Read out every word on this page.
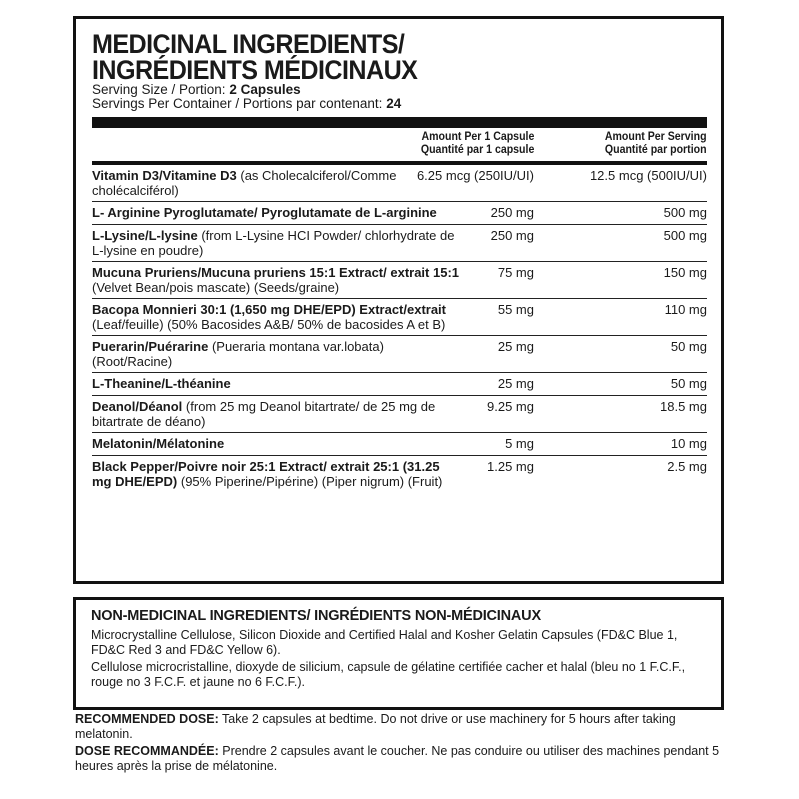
MEDICINAL INGREDIENTS/
INGRÉDIENTS MÉDICINAUX
Serving Size / Portion: 2 Capsules
Servings Per Container / Portions par contenant: 24
Amount Per 1 Capsule
Quantité par 1 capsule
Amount Per Serving
Quantité par portion
Vitamin D3/Vitamine D3 (as Cholecalciferol/Comme cholécalciférol)
6.25 mcg (250IU/UI)	12.5 mcg (500IU/UI)
L- Arginine Pyroglutamate/ Pyroglutamate de L-arginine	250 mg	500 mg
L-Lysine/L-lysine (from L-Lysine HCI Powder/ chlorhydrate de L-lysine en poudre)
250 mg	500 mg
Mucuna Pruriens/Mucuna pruriens 15:1 Extract/ extrait 15:1 (Velvet Bean/pois mascate) (Seeds/graine)
75 mg	150 mg
Bacopa Monnieri 30:1 (1,650 mg DHE/EPD) Extract/extrait (Leaf/feuille) (50% Bacosides A&B/ 50% de bacosides A et B)
55 mg	110 mg
Puerarin/Puérarine (Pueraria montana var.lobata) (Root/Racine)
25 mg	50 mg
L-Theanine/L-théanine	25 mg	50 mg
Deanol/Déanol (from 25 mg Deanol bitartrate/ de 25 mg de bitartrate de déano)
9.25 mg	18.5 mg
Melatonin/Mélatonine	5 mg	10 mg
Black Pepper/Poivre noir 25:1 Extract/ extrait 25:1 (31.25 mg DHE/EPD) (95% Piperine/Pipérine) (Piper nigrum) (Fruit)
1.25 mg	2.5 mg
NON-MEDICINAL INGREDIENTS/ INGRÉDIENTS NON-MÉDICINAUX
Microcrystalline Cellulose, Silicon Dioxide and Certified Halal and Kosher Gelatin Capsules (FD&C Blue 1, FD&C Red 3 and FD&C Yellow 6).
Cellulose microcristalline, dioxyde de silicium, capsule de gélatine certifiée cacher et halal (bleu no 1 F.C.F., rouge no 3 F.C.F. et jaune no 6 F.C.F.).

RECOMMENDED DOSE: Take 2 capsules at bedtime. Do not drive or use machinery for 5 hours after taking melatonin.

DOSE RECOMMANDÉE: Prendre 2 capsules avant le coucher. Ne pas conduire ou utiliser des machines pendant 5 heures après la prise de mélatonine.
